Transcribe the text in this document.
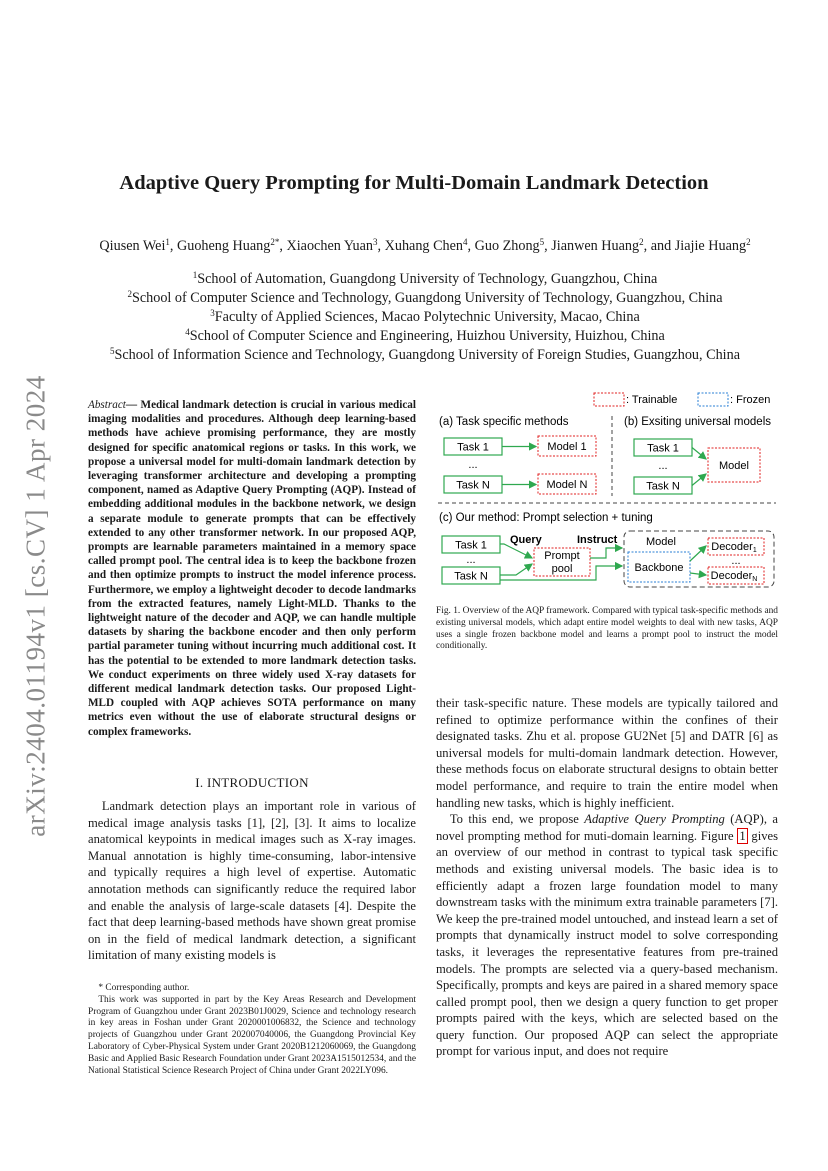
arXiv:2404.01194v1 [cs.CV] 1 Apr 2024
Adaptive Query Prompting for Multi-Domain Landmark Detection
Qiusen Wei$^1$, Guoheng Huang$^{2*}$, Xiaochen Yuan$^3$, Xuhang Chen$^4$, Guo Zhong$^5$, Jianwen Huang$^2$, and Jiajie Huang$^2$
$^1$School of Automation, Guangdong University of Technology, Guangzhou, China
$^2$School of Computer Science and Technology, Guangdong University of Technology, Guangzhou, China
$^3$Faculty of Applied Sciences, Macao Polytechnic University, Macao, China
$^4$School of Computer Science and Engineering, Huizhou University, Huizhou, China
$^5$School of Information Science and Technology, Guangdong University of Foreign Studies, Guangzhou, China
Abstract— Medical landmark detection is crucial in various medical imaging modalities and procedures. Although deep learning-based methods have achieve promising performance, they are mostly designed for specific anatomical regions or tasks. In this work, we propose a universal model for multi-domain landmark detection by leveraging transformer architecture and developing a prompting component, named as Adaptive Query Prompting (AQP). Instead of embedding additional modules in the backbone network, we design a separate module to generate prompts that can be effectively extended to any other transformer network. In our proposed AQP, prompts are learnable parameters maintained in a memory space called prompt pool. The central idea is to keep the backbone frozen and then optimize prompts to instruct the model inference process. Furthermore, we employ a lightweight decoder to decode landmarks from the extracted features, namely Light-MLD. Thanks to the lightweight nature of the decoder and AQP, we can handle multiple datasets by sharing the backbone encoder and then only perform partial parameter tuning without incurring much additional cost. It has the potential to be extended to more landmark detection tasks. We conduct experiments on three widely used X-ray datasets for different medical landmark detection tasks. Our proposed Light-MLD coupled with AQP achieves SOTA performance on many metrics even without the use of elaborate structural designs or complex frameworks.
I. INTRODUCTION

Landmark detection plays an important role in various of medical image analysis tasks [1], [2], [3]. It aims to localize anatomical keypoints in medical images such as X-ray images. Manual annotation is highly time-consuming, labor-intensive and typically requires a high level of expertise. Automatic annotation methods can significantly reduce the required labor and enable the analysis of large-scale datasets [4]. Despite the fact that deep learning-based methods have shown great promise on in the field of medical landmark detection, a significant limitation of many existing models is

* Corresponding author.

This work was supported in part by the Key Areas Research and Development Program of Guangzhou under Grant 2023B01J0029, Science and technology research in key areas in Foshan under Grant 2020001006832, the Science and technology projects of Guangzhou under Grant 202007040006, the Guangdong Provincial Key Laboratory of Cyber-Physical System under Grant 2020B1212060069, the Guangdong Basic and Applied Basic Research Foundation under Grant 2023A1515012534, and the National Statistical Science Research Project of China under Grant 2022LY096.

: Trainable	: Frozen
(a) Task specific methods	(b) Exsiting universal models
Task 1
...
Task N
Model 1
Model N
Task 1
...
Task N
Model
(c) Our method: Prompt selection + tuning
Task 1
...
Task N
Query	Instruct
Prompt
pool
Model
Backbone
Decoder1
...
DecoderN
Fig. 1. Overview of the AQP framework. Compared with typical task-specific methods and existing universal models, which adapt entire model weights to deal with new tasks, AQP uses a single frozen backbone model and learns a prompt pool to instruct the model conditionally.

their task-specific nature. These models are typically tailored and refined to optimize performance within the confines of their designated tasks. Zhu et al. propose GU2Net [5] and DATR [6] as universal models for multi-domain landmark detection. However, these methods focus on elaborate structural designs to obtain better model performance, and require to train the entire model when handling new tasks, which is highly inefficient.

To this end, we propose Adaptive Query Prompting (AQP), a novel prompting method for muti-domain learning. Figure 1 gives an overview of our method in contrast to typical task specific methods and existing universal models. The basic idea is to efficiently adapt a frozen large foundation model to many downstream tasks with the minimum extra trainable parameters [7]. We keep the pre-trained model untouched, and instead learn a set of prompts that dynamically instruct model to solve corresponding tasks, it leverages the representative features from pre-trained models. The prompts are selected via a query-based mechanism. Specifically, prompts and keys are paired in a shared memory space called prompt pool, then we design a query function to get proper prompts paired with the keys, which are selected based on the query function. Our proposed AQP can select the appropriate prompt for various input, and does not require
